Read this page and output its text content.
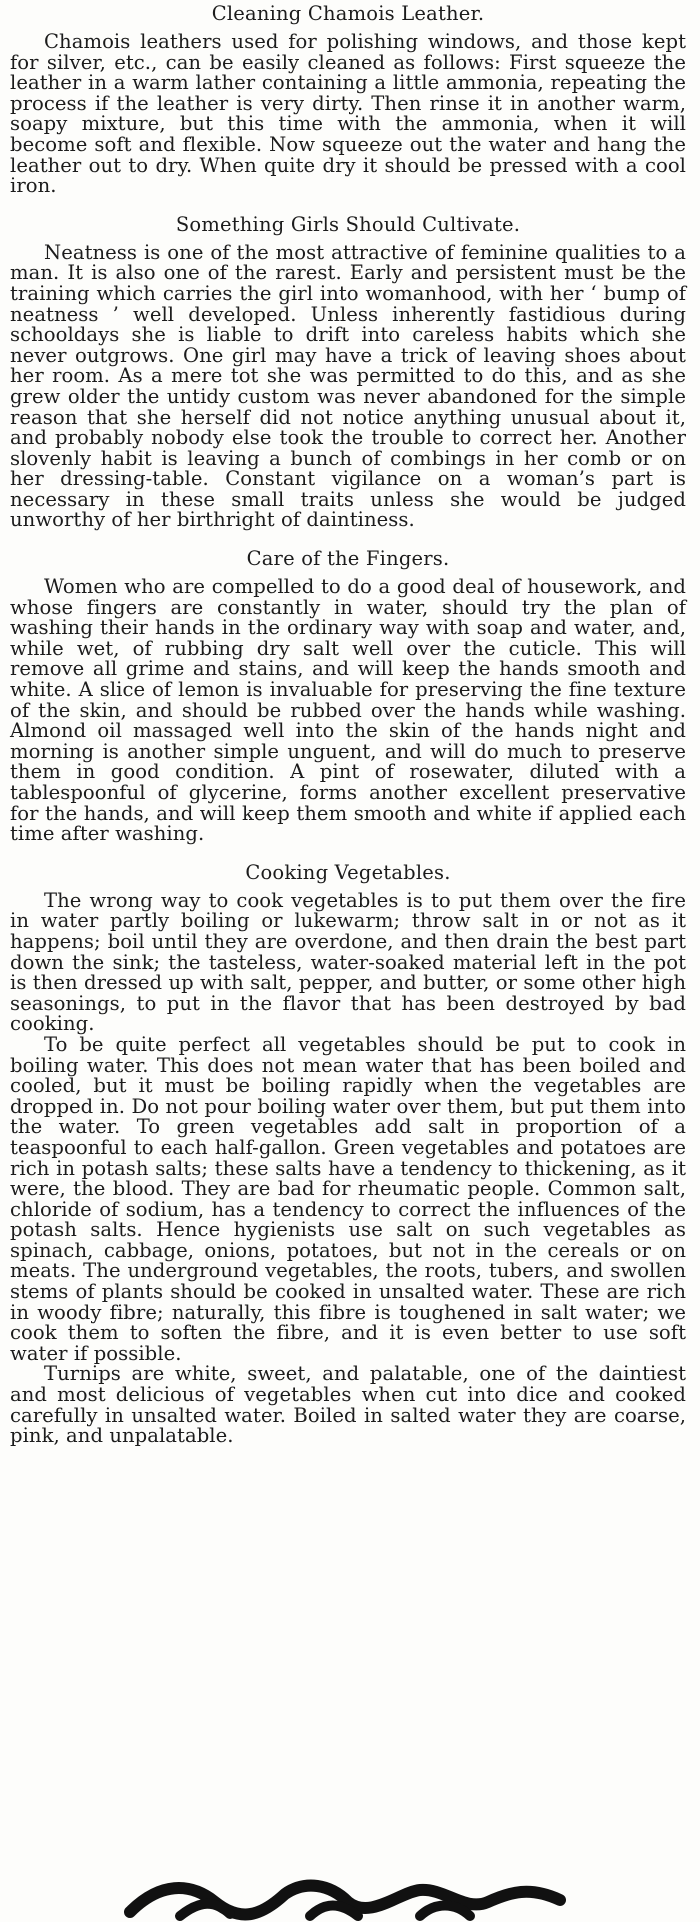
Cleaning Chamois Leather.

Chamois leathers used for polishing windows, and those kept for silver, etc., can be easily cleaned as follows: First squeeze the leather in a warm lather containing a little ammonia, repeating the process if the leather is very dirty. Then rinse it in another warm, soapy mixture, but this time with the ammonia, when it will become soft and flexible. Now squeeze out the water and hang the leather out to dry. When quite dry it should be pressed with a cool iron.

Something Girls Should Cultivate.

Neatness is one of the most attractive of feminine qualities to a man. It is also one of the rarest. Early and persistent must be the training which carries the girl into womanhood, with her ‘ bump of neatness ’ well developed. Unless inherently fastidious during schooldays she is liable to drift into careless habits which she never outgrows. One girl may have a trick of leaving shoes about her room. As a mere tot she was permitted to do this, and as she grew older the untidy custom was never abandoned for the simple reason that she herself did not notice anything unusual about it, and probably nobody else took the trouble to correct her. Another slovenly habit is leaving a bunch of combings in her comb or on her dressing-table. Constant vigilance on a woman’s part is necessary in these small traits unless she would be judged unworthy of her birthright of daintiness.

Care of the Fingers.

Women who are compelled to do a good deal of housework, and whose fingers are constantly in water, should try the plan of washing their hands in the ordinary way with soap and water, and, while wet, of rubbing dry salt well over the cuticle. This will remove all grime and stains, and will keep the hands smooth and white. A slice of lemon is invaluable for preserving the fine texture of the skin, and should be rubbed over the hands while washing. Almond oil massaged well into the skin of the hands night and morning is another simple unguent, and will do much to preserve them in good condition. A pint of rosewater, diluted with a tablespoonful of glycerine, forms another excellent preservative for the hands, and will keep them smooth and white if applied each time after washing.

Cooking Vegetables.

The wrong way to cook vegetables is to put them over the fire in water partly boiling or lukewarm; throw salt in or not as it happens; boil until they are overdone, and then drain the best part down the sink; the tasteless, water-soaked material left in the pot is then dressed up with salt, pepper, and butter, or some other high seasonings, to put in the flavor that has been destroyed by bad cooking.

To be quite perfect all vegetables should be put to cook in boiling water. This does not mean water that has been boiled and cooled, but it must be boiling rapidly when the vegetables are dropped in. Do not pour boiling water over them, but put them into the water. To green vegetables add salt in proportion of a teaspoonful to each half-gallon. Green vegetables and potatoes are rich in potash salts; these salts have a tendency to thickening, as it were, the blood. They are bad for rheumatic people. Common salt, chloride of sodium, has a tendency to correct the influences of the potash salts. Hence hygienists use salt on such vegetables as spinach, cabbage, onions, potatoes, but not in the cereals or on meats. The underground vegetables, the roots, tubers, and swollen stems of plants should be cooked in unsalted water. These are rich in woody fibre; naturally, this fibre is toughened in salt water; we cook them to soften the fibre, and it is even better to use soft water if possible.

Turnips are white, sweet, and palatable, one of the daintiest and most delicious of vegetables when cut into dice and cooked carefully in unsalted water. Boiled in salted water they are coarse, pink, and unpalatable.
